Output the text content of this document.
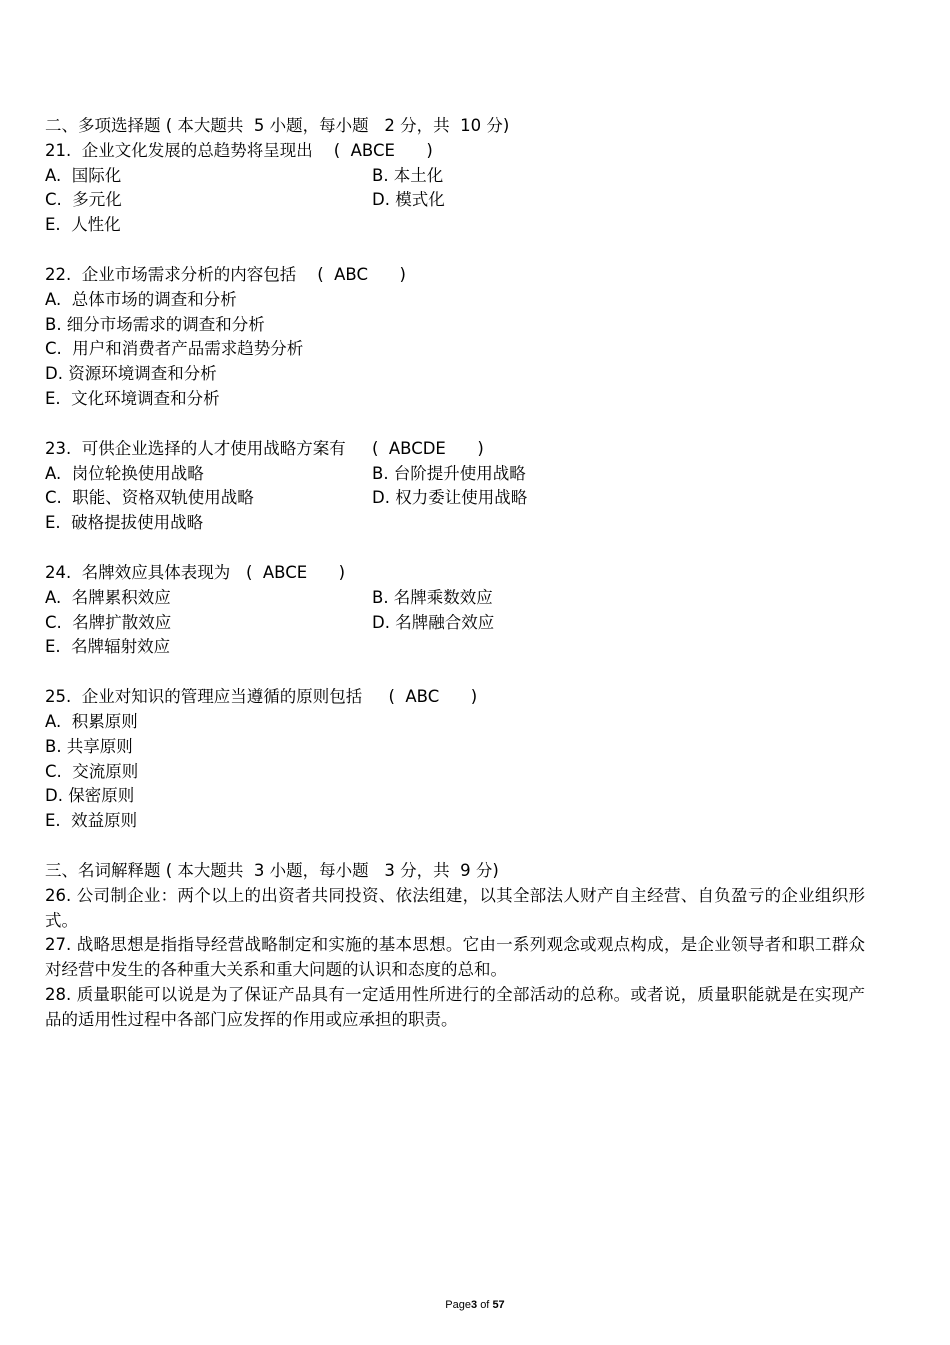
二、多项选择题 ( 本大题共  5 小题，每小题   2 分，共  10 分)
21.  企业文化发展的总趋势将呈现出    (  ABCE      )
A.  国际化	B. 本土化
C.  多元化	D. 模式化
E.  人性化
22.  企业市场需求分析的内容包括    (  ABC      )
A.  总体市场的调查和分析
B. 细分市场需求的调查和分析
C.  用户和消费者产品需求趋势分析
D. 资源环境调查和分析
E.  文化环境调查和分析
23.  可供企业选择的人才使用战略方案有     (  ABCDE      )
A.  岗位轮换使用战略	B. 台阶提升使用战略
C.  职能、资格双轨使用战略	D. 权力委让使用战略
E.  破格提拔使用战略
24.  名牌效应具体表现为   (  ABCE      )
A.  名牌累积效应	B. 名牌乘数效应
C.  名牌扩散效应	D. 名牌融合效应
E.  名牌辐射效应
25.  企业对知识的管理应当遵循的原则包括     (  ABC      )
A.  积累原则
B. 共享原则
C.  交流原则
D. 保密原则
E.  效益原则
三、名词解释题 ( 本大题共  3 小题，每小题   3 分，共  9 分)
26. 公司制企业：两个以上的出资者共同投资、依法组建，以其全部法人财产自主经营、自负盈亏的企业组织形式。
27. 战略思想是指指导经营战略制定和实施的基本思想。它由一系列观念或观点构成，是企业领导者和职工群众对经营中发生的各种重大关系和重大问题的认识和态度的总和。
28. 质量职能可以说是为了保证产品具有一定适用性所进行的全部活动的总称。或者说，质量职能就是在实现产品的适用性过程中各部门应发挥的作用或应承担的职责。
Page3 of 57
